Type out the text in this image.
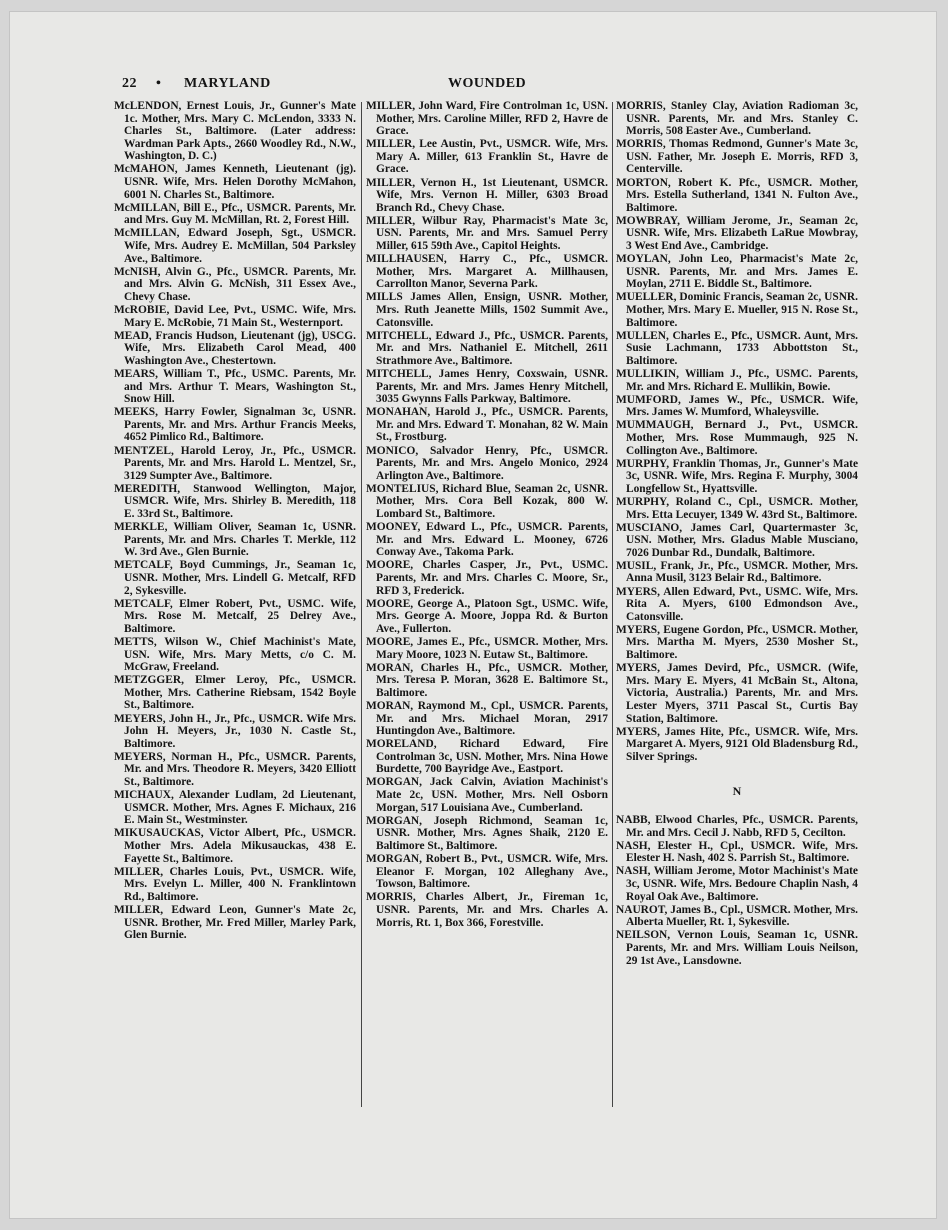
22 • MARYLAND	WOUNDED

McLENDON, Ernest Louis, Jr., Gunner's Mate 1c. Mother, Mrs. Mary C. McLendon, 3333 N. Charles St., Baltimore. (Later address: Wardman Park Apts., 2660 Woodley Rd., N.W., Washington, D. C.)

McMAHON, James Kenneth, Lieutenant (jg). USNR. Wife, Mrs. Helen Dorothy McMahon, 6001 N. Charles St., Baltimore.

McMILLAN, Bill E., Pfc., USMCR. Parents, Mr. and Mrs. Guy M. McMillan, Rt. 2, Forest Hill.

McMILLAN, Edward Joseph, Sgt., USMCR. Wife, Mrs. Audrey E. McMillan, 504 Parksley Ave., Baltimore.

McNISH, Alvin G., Pfc., USMCR. Parents, Mr. and Mrs. Alvin G. McNish, 311 Essex Ave., Chevy Chase.

McROBIE, David Lee, Pvt., USMC. Wife, Mrs. Mary E. McRobie, 71 Main St., Westernport.

MEAD, Francis Hudson, Lieutenant (jg), USCG. Wife, Mrs. Elizabeth Carol Mead, 400 Washington Ave., Chestertown.

MEARS, William T., Pfc., USMC. Parents, Mr. and Mrs. Arthur T. Mears, Washington St., Snow Hill.

MEEKS, Harry Fowler, Signalman 3c, USNR. Parents, Mr. and Mrs. Arthur Francis Meeks, 4652 Pimlico Rd., Baltimore.

MENTZEL, Harold Leroy, Jr., Pfc., USMCR. Parents, Mr. and Mrs. Harold L. Mentzel, Sr., 3129 Sumpter Ave., Baltimore.

MEREDITH, Stanwood Wellington, Major, USMCR. Wife, Mrs. Shirley B. Meredith, 118 E. 33rd St., Baltimore.

MERKLE, William Oliver, Seaman 1c, USNR. Parents, Mr. and Mrs. Charles T. Merkle, 112 W. 3rd Ave., Glen Burnie.

METCALF, Boyd Cummings, Jr., Seaman 1c, USNR. Mother, Mrs. Lindell G. Metcalf, RFD 2, Sykesville.

METCALF, Elmer Robert, Pvt., USMC. Wife, Mrs. Rose M. Metcalf, 25 Delrey Ave., Baltimore.

METTS, Wilson W., Chief Machinist's Mate, USN. Wife, Mrs. Mary Metts, c/o C. M. McGraw, Freeland.

METZGGER, Elmer Leroy, Pfc., USMCR. Mother, Mrs. Catherine Riebsam, 1542 Boyle St., Baltimore.

MEYERS, John H., Jr., Pfc., USMCR. Wife Mrs. John H. Meyers, Jr., 1030 N. Castle St., Baltimore.

MEYERS, Norman H., Pfc., USMCR. Parents, Mr. and Mrs. Theodore R. Meyers, 3420 Elliott St., Baltimore.

MICHAUX, Alexander Ludlam, 2d Lieutenant, USMCR. Mother, Mrs. Agnes F. Michaux, 216 E. Main St., Westminster.

MIKUSAUCKAS, Victor Albert, Pfc., USMCR. Mother Mrs. Adela Mikusauckas, 438 E. Fayette St., Baltimore.

MILLER, Charles Louis, Pvt., USMCR. Wife, Mrs. Evelyn L. Miller, 400 N. Franklintown Rd., Baltimore.

MILLER, Edward Leon, Gunner's Mate 2c, USNR. Brother, Mr. Fred Miller, Marley Park, Glen Burnie.

MILLER, John Ward, Fire Controlman 1c, USN. Mother, Mrs. Caroline Miller, RFD 2, Havre de Grace.

MILLER, Lee Austin, Pvt., USMCR. Wife, Mrs. Mary A. Miller, 613 Franklin St., Havre de Grace.

MILLER, Vernon H., 1st Lieutenant, USMCR. Wife, Mrs. Vernon H. Miller, 6303 Broad Branch Rd., Chevy Chase.

MILLER, Wilbur Ray, Pharmacist's Mate 3c, USN. Parents, Mr. and Mrs. Samuel Perry Miller, 615 59th Ave., Capitol Heights.

MILLHAUSEN, Harry C., Pfc., USMCR. Mother, Mrs. Margaret A. Millhausen, Carrollton Manor, Severna Park.

MILLS James Allen, Ensign, USNR. Mother, Mrs. Ruth Jeanette Mills, 1502 Summit Ave., Catonsville.

MITCHELL, Edward J., Pfc., USMCR. Parents, Mr. and Mrs. Nathaniel E. Mitchell, 2611 Strathmore Ave., Baltimore.

MITCHELL, James Henry, Coxswain, USNR. Parents, Mr. and Mrs. James Henry Mitchell, 3035 Gwynns Falls Parkway, Baltimore.

MONAHAN, Harold J., Pfc., USMCR. Parents, Mr. and Mrs. Edward T. Monahan, 82 W. Main St., Frostburg.

MONICO, Salvador Henry, Pfc., USMCR. Parents, Mr. and Mrs. Angelo Monico, 2924 Arlington Ave., Baltimore.

MONTELIUS, Richard Blue, Seaman 2c, USNR. Mother, Mrs. Cora Bell Kozak, 800 W. Lombard St., Baltimore.

MOONEY, Edward L., Pfc., USMCR. Parents, Mr. and Mrs. Edward L. Mooney, 6726 Conway Ave., Takoma Park.

MOORE, Charles Casper, Jr., Pvt., USMC. Parents, Mr. and Mrs. Charles C. Moore, Sr., RFD 3, Frederick.

MOORE, George A., Platoon Sgt., USMC. Wife, Mrs. George A. Moore, Joppa Rd. & Burton Ave., Fullerton.

MOORE, James E., Pfc., USMCR. Mother, Mrs. Mary Moore, 1023 N. Eutaw St., Baltimore.

MORAN, Charles H., Pfc., USMCR. Mother, Mrs. Teresa P. Moran, 3628 E. Baltimore St., Baltimore.

MORAN, Raymond M., Cpl., USMCR. Parents, Mr. and Mrs. Michael Moran, 2917 Huntingdon Ave., Baltimore.

MORELAND, Richard Edward, Fire Controlman 3c, USN. Mother, Mrs. Nina Howe Burdette, 700 Bayridge Ave., Eastport.

MORGAN, Jack Calvin, Aviation Machinist's Mate 2c, USN. Mother, Mrs. Nell Osborn Morgan, 517 Louisiana Ave., Cumberland.

MORGAN, Joseph Richmond, Seaman 1c, USNR. Mother, Mrs. Agnes Shaik, 2120 E. Baltimore St., Baltimore.

MORGAN, Robert B., Pvt., USMCR. Wife, Mrs. Eleanor F. Morgan, 102 Alleghany Ave., Towson, Baltimore.

MORRIS, Charles Albert, Jr., Fireman 1c, USNR. Parents, Mr. and Mrs. Charles A. Morris, Rt. 1, Box 366, Forestville.

MORRIS, Stanley Clay, Aviation Radioman 3c, USNR. Parents, Mr. and Mrs. Stanley C. Morris, 508 Easter Ave., Cumberland.

MORRIS, Thomas Redmond, Gunner's Mate 3c, USN. Father, Mr. Joseph E. Morris, RFD 3, Centerville.

MORTON, Robert K. Pfc., USMCR. Mother, Mrs. Estella Sutherland, 1341 N. Fulton Ave., Baltimore.

MOWBRAY, William Jerome, Jr., Seaman 2c, USNR. Wife, Mrs. Elizabeth LaRue Mowbray, 3 West End Ave., Cambridge.

MOYLAN, John Leo, Pharmacist's Mate 2c, USNR. Parents, Mr. and Mrs. James E. Moylan, 2711 E. Biddle St., Baltimore.

MUELLER, Dominic Francis, Seaman 2c, USNR. Mother, Mrs. Mary E. Mueller, 915 N. Rose St., Baltimore.

MULLEN, Charles E., Pfc., USMCR. Aunt, Mrs. Susie Lachmann, 1733 Abbottston St., Baltimore.

MULLIKIN, William J., Pfc., USMC. Parents, Mr. and Mrs. Richard E. Mullikin, Bowie.

MUMFORD, James W., Pfc., USMCR. Wife, Mrs. James W. Mumford, Whaleysville.

MUMMAUGH, Bernard J., Pvt., USMCR. Mother, Mrs. Rose Mummaugh, 925 N. Collington Ave., Baltimore.

MURPHY, Franklin Thomas, Jr., Gunner's Mate 3c, USNR. Wife, Mrs. Regina F. Murphy, 3004 Longfellow St., Hyattsville.

MURPHY, Roland C., Cpl., USMCR. Mother, Mrs. Etta Lecuyer, 1349 W. 43rd St., Baltimore.

MUSCIANO, James Carl, Quartermaster 3c, USN. Mother, Mrs. Gladus Mable Musciano, 7026 Dunbar Rd., Dundalk, Baltimore.

MUSIL, Frank, Jr., Pfc., USMCR. Mother, Mrs. Anna Musil, 3123 Belair Rd., Baltimore.

MYERS, Allen Edward, Pvt., USMC. Wife, Mrs. Rita A. Myers, 6100 Edmondson Ave., Catonsville.

MYERS, Eugene Gordon, Pfc., USMCR. Mother, Mrs. Martha M. Myers, 2530 Mosher St., Baltimore.

MYERS, James Devird, Pfc., USMCR. (Wife, Mrs. Mary E. Myers, 41 McBain St., Altona, Victoria, Australia.) Parents, Mr. and Mrs. Lester Myers, 3711 Pascal St., Curtis Bay Station, Baltimore.

MYERS, James Hite, Pfc., USMCR. Wife, Mrs. Margaret A. Myers, 9121 Old Bladensburg Rd., Silver Springs.

N

NABB, Elwood Charles, Pfc., USMCR. Parents, Mr. and Mrs. Cecil J. Nabb, RFD 5, Cecilton.

NASH, Elester H., Cpl., USMCR. Wife, Mrs. Elester H. Nash, 402 S. Parrish St., Baltimore.

NASH, William Jerome, Motor Machinist's Mate 3c, USNR. Wife, Mrs. Bedoure Chaplin Nash, 4 Royal Oak Ave., Baltimore.

NAUROT, James B., Cpl., USMCR. Mother, Mrs. Alberta Mueller, Rt. 1, Sykesville.

NEILSON, Vernon Louis, Seaman 1c, USNR. Parents, Mr. and Mrs. William Louis Neilson, 29 1st Ave., Lansdowne.
